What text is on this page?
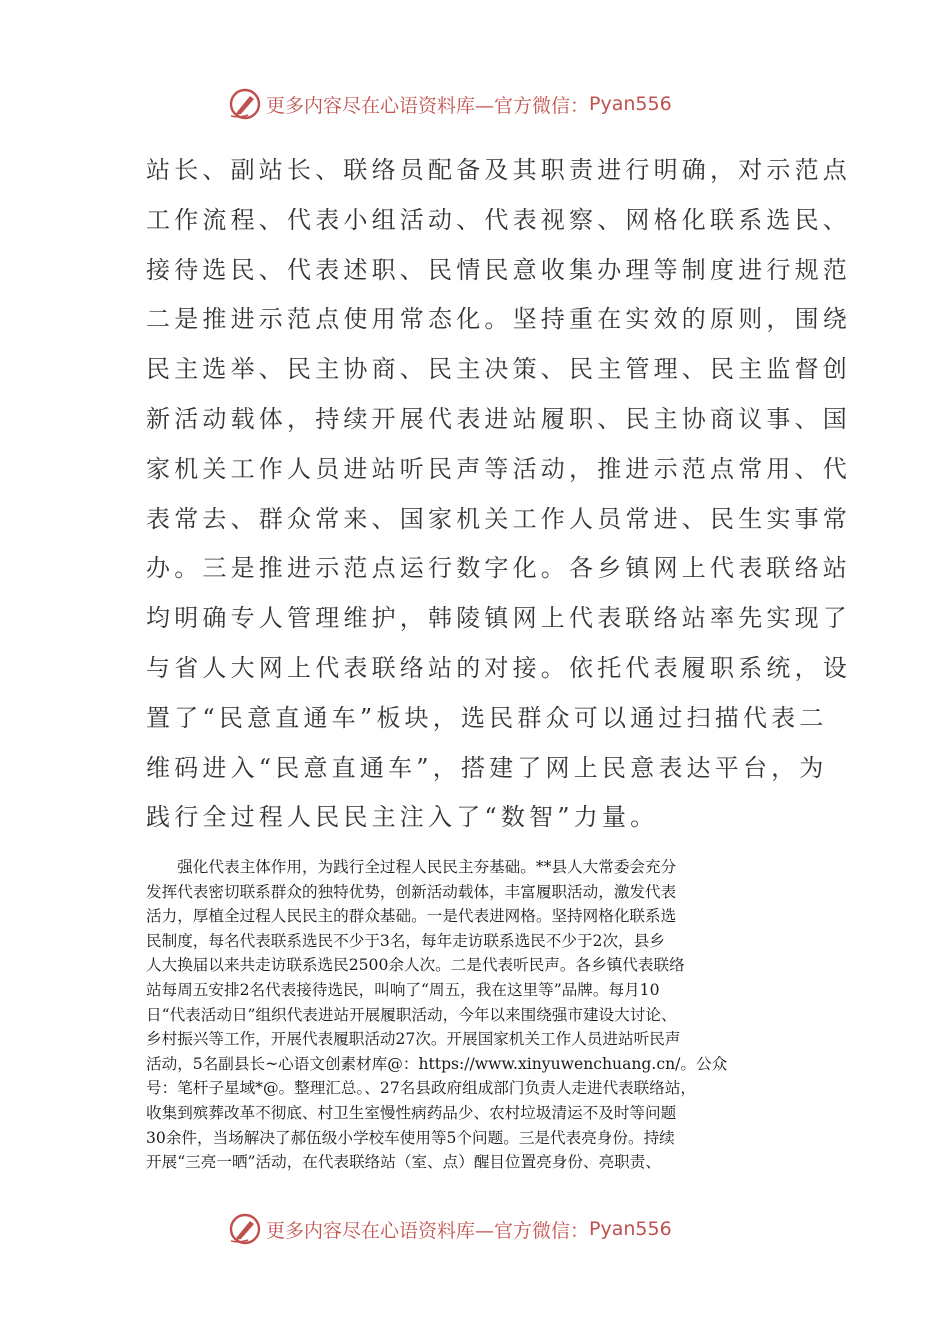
更多内容尽在心语资料库—官方微信： Pyan556
站长、副站长、联络员配备及其职责进行明确，对示范点
工作流程、代表小组活动、代表视察、网格化联系选民、
接待选民、代表述职、民情民意收集办理等制度进行规范
二是推进示范点使用常态化。坚持重在实效的原则，围绕
民主选举、民主协商、民主决策、民主管理、民主监督创
新活动载体，持续开展代表进站履职、民主协商议事、国
家机关工作人员进站听民声等活动，推进示范点常用、代
表常去、群众常来、国家机关工作人员常进、民生实事常
办。三是推进示范点运行数字化。各乡镇网上代表联络站
均明确专人管理维护，韩陵镇网上代表联络站率先实现了
与省人大网上代表联络站的对接。依托代表履职系统，设
置了“民意直通车”板块，选民群众可以通过扫描代表二
维码进入“民意直通车”，搭建了网上民意表达平台，为
践行全过程人民民主注入了“数智”力量。
　　强化代表主体作用，为践行全过程人民民主夯基础。**县人大常委会充分
发挥代表密切联系群众的独特优势，创新活动载体，丰富履职活动，激发代表
活力，厚植全过程人民民主的群众基础。一是代表进网格。坚持网格化联系选
民制度，每名代表联系选民不少于3名，每年走访联系选民不少于2次，县乡
人大换届以来共走访联系选民2500余人次。二是代表听民声。各乡镇代表联络
站每周五安排2名代表接待选民，叫响了“周五，我在这里等”品牌。每月10
日“代表活动日”组织代表进站开展履职活动，今年以来围绕强市建设大讨论、
乡村振兴等工作，开展代表履职活动27次。开展国家机关工作人员进站听民声
活动，5名副县长~心语文创素材库@：https://www.xinyuwenchuang.cn/。公众
号：笔杆子星域*@。整理汇总。、27名县政府组成部门负责人走进代表联络站，
收集到殡葬改革不彻底、村卫生室慢性病药品少、农村垃圾清运不及时等问题
30余件，当场解决了郝伍级小学校车使用等5个问题。三是代表亮身份。持续
开展“三亮一晒”活动，在代表联络站（室、点）醒目位置亮身份、亮职责、
更多内容尽在心语资料库—官方微信： Pyan556
